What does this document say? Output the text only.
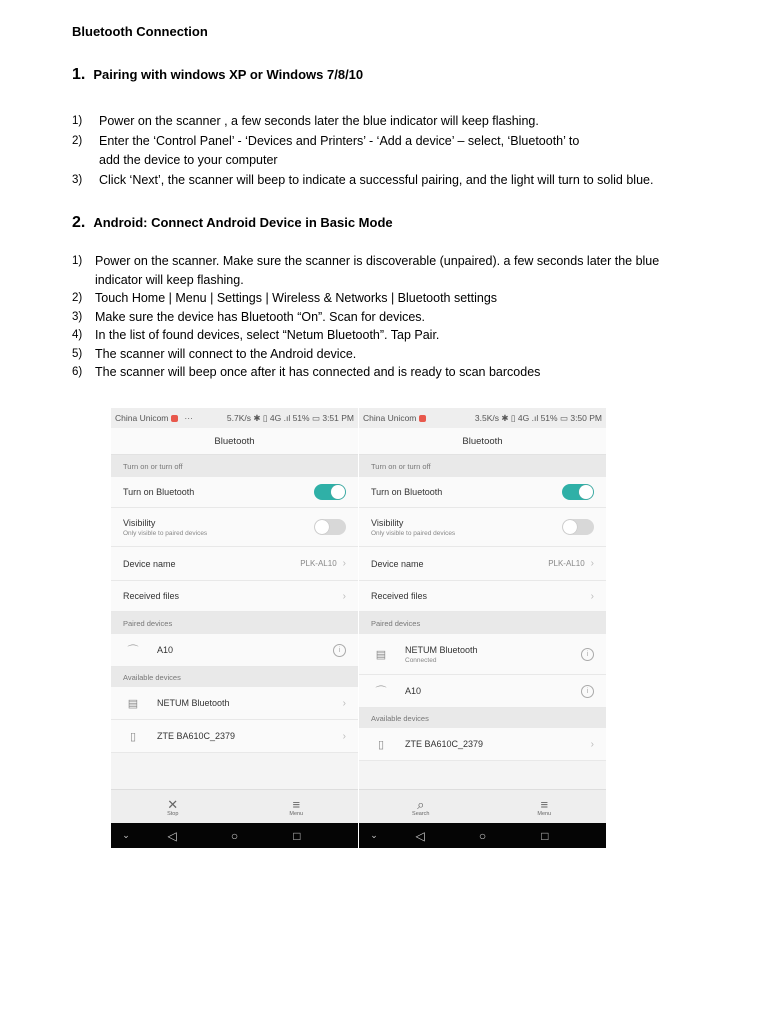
Bluetooth Connection
1. Pairing with windows XP or Windows 7/8/10
1) Power on the scanner , a few seconds later the blue indicator will keep flashing.
2) Enter the ‘Control Panel’ - ‘Devices and Printers’ - ‘Add a device’ – select, ‘Bluetooth’ to
add the device to your computer
3) Click ‘Next’, the scanner will beep to indicate a successful pairing, and the light will turn to solid blue.
2. Android: Connect Android Device in Basic Mode
1) Power on the scanner. Make sure the scanner is discoverable (unpaired). a few seconds later the blue
indicator will keep flashing.
2) Touch Home | Menu | Settings | Wireless & Networks | Bluetooth settings
3) Make sure the device has Bluetooth “On”. Scan for devices.
4) In the list of found devices, select “Netum Bluetooth”. Tap Pair.
5) The scanner will connect to the Android device.
6) The scanner will beep once after it has connected and is ready to scan barcodes
China Unicom ···	5.7K/s ✱ ▯ 4G .ıl 51% ▭ 3:51 PM
Bluetooth
Turn on or turn off
Turn on Bluetooth
Visibility
Only visible to paired devices
Device name	PLK-AL10 ›
Received files	›
Paired devices
⌒	A10	i
Available devices
▤	NETUM Bluetooth	›
▯	ZTE BA610C_2379	›
✕
Stop
≡
Menu
⌄	◁	○	□
China Unicom	3.5K/s ✱ ▯ 4G .ıl 51% ▭ 3:50 PM
Bluetooth
Turn on or turn off
Turn on Bluetooth
Visibility
Only visible to paired devices
Device name	PLK-AL10 ›
Received files	›
Paired devices
▤	NETUM Bluetooth
Connected
i
⌒	A10	i
Available devices
▯	ZTE BA610C_2379	›
⌕
Search
≡
Menu
⌄	◁	○	□
